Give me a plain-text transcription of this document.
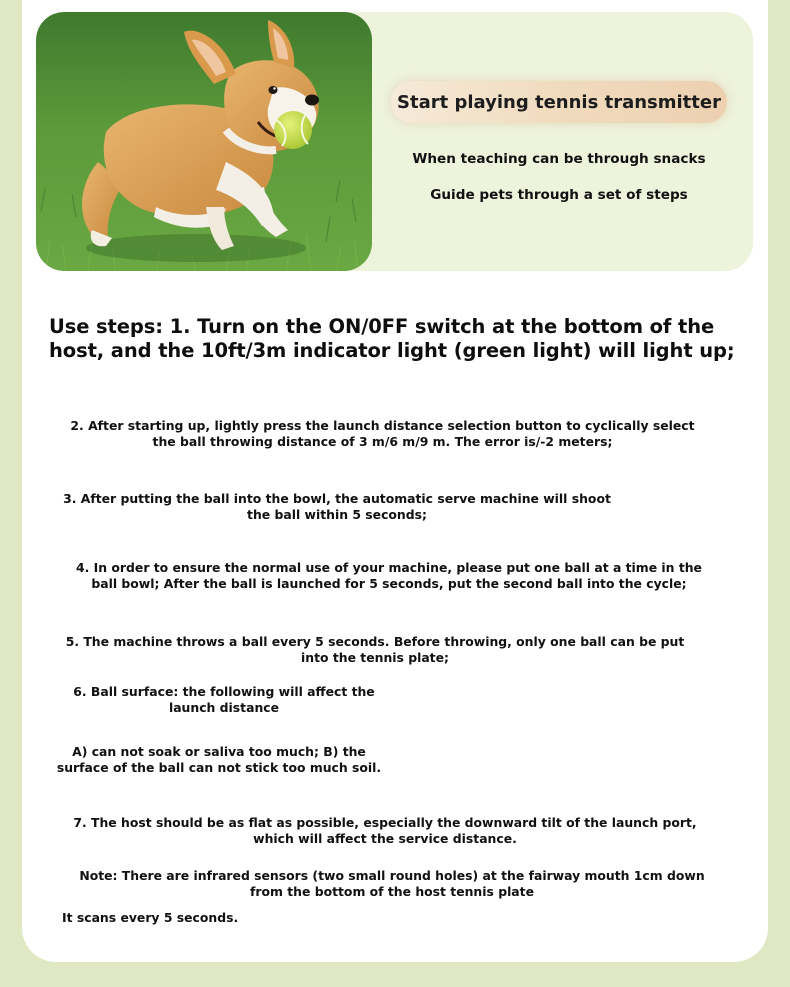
Start playing tennis transmitter
When teaching can be through snacks
Guide pets through a set of steps
Use steps: 1. Turn on the ON/0FF switch at the bottom of the host, and the 10ft/3m indicator light (green light) will light up;
2. After starting up, lightly press the launch distance selection button to cyclically select the ball throwing distance of 3 m/6 m/9 m. The error is/-2 meters;
3. After putting the ball into the bowl, the automatic serve machine will shoot the ball within 5 seconds;
4. In order to ensure the normal use of your machine, please put one ball at a time in the ball bowl; After the ball is launched for 5 seconds, put the second ball into the cycle;
5. The machine throws a ball every 5 seconds. Before throwing, only one ball can be put into the tennis plate;
6. Ball surface: the following will affect the launch distance
A) can not soak or saliva too much; B) the surface of the ball can not stick too much soil.
7. The host should be as flat as possible, especially the downward tilt of the launch port, which will affect the service distance.
Note: There are infrared sensors (two small round holes) at the fairway mouth 1cm down from the bottom of the host tennis plate
It scans every 5 seconds.
